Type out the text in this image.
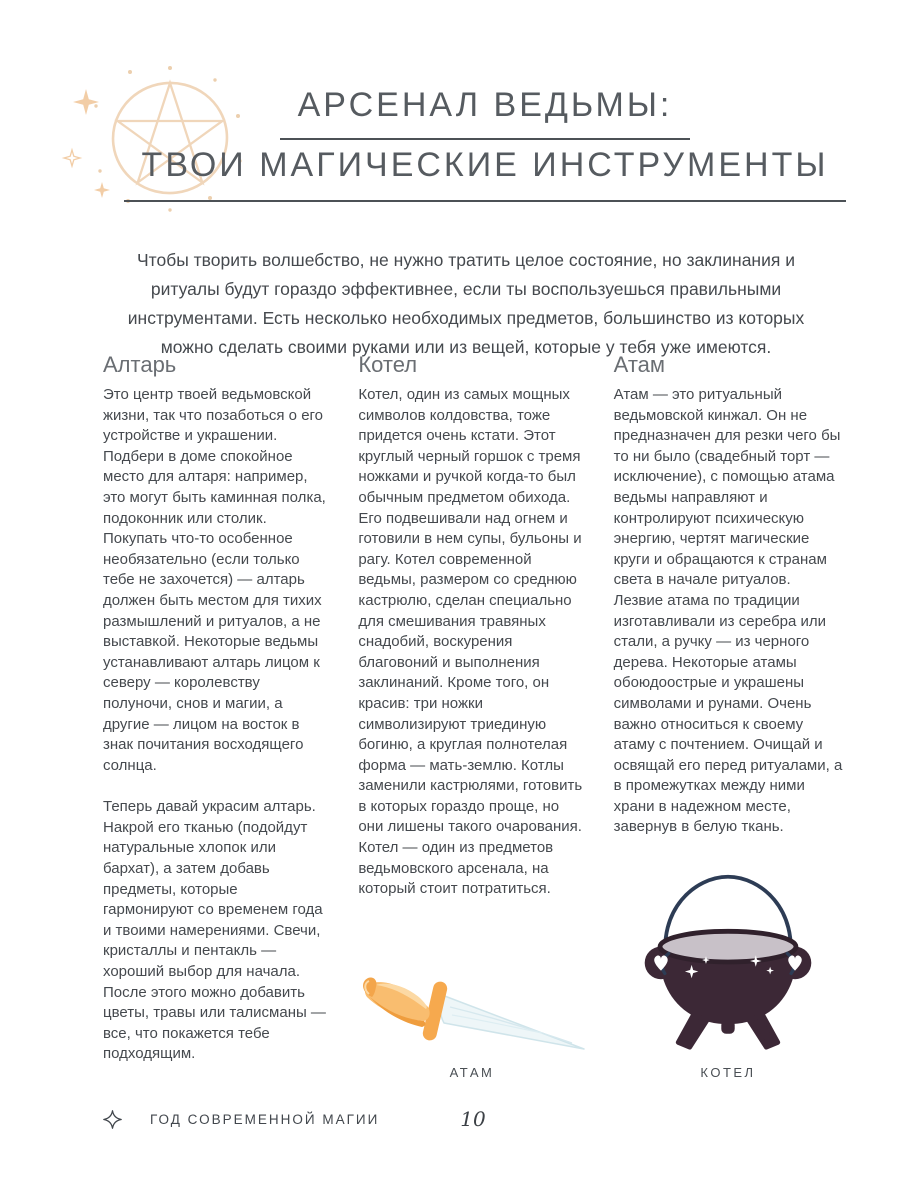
АРСЕНАЛ ВЕДЬМЫ:
ТВОИ МАГИЧЕСКИЕ ИНСТРУМЕНТЫ

Чтобы творить волшебство, не нужно тратить целое состояние, но заклинания и ритуалы будут гораздо эффективнее, если ты воспользуешься правильными инструментами. Есть несколько необходимых предметов, большинство из которых можно сделать своими руками или из вещей, которые у тебя уже имеются.

Алтарь

Это центр твоей ведьмовской жизни, так что позаботься о его устройстве и украшении. Подбери в доме спокойное место для алтаря: например, это могут быть каминная полка, подоконник или столик. Покупать что-то особенное необязательно (если только тебе не захочется) — алтарь должен быть местом для тихих размышлений и ритуалов, а не выставкой. Некоторые ведьмы устанавливают алтарь лицом к северу — королевству полуночи, снов и магии, а другие — лицом на восток в знак почитания восходящего солнца.

Теперь давай украсим алтарь. Накрой его тканью (подойдут натуральные хлопок или бархат), а затем добавь предметы, которые гармонируют со временем года и твоими намерениями. Свечи, кристаллы и пентакль — хороший выбор для начала. После этого можно добавить цветы, травы или талисманы — все, что покажется тебе подходящим.

Котел

Котел, один из самых мощных символов колдовства, тоже придется очень кстати. Этот круглый черный горшок с тремя ножками и ручкой когда-то был обычным предметом обихода. Его подвешивали над огнем и готовили в нем супы, бульоны и рагу. Котел современной ведьмы, размером со среднюю кастрюлю, сделан специально для смешивания травяных снадобий, воскурения благовоний и выполнения заклинаний. Кроме того, он красив: три ножки символизируют триединую богиню, а круглая полнотелая форма — мать-землю. Котлы заменили кастрюлями, готовить в которых гораздо проще, но они лишены такого очарования. Котел — один из предметов ведьмовского арсенала, на который стоит потратиться.

Атам

Атам — это ритуальный ведьмовской кинжал. Он не предназначен для резки чего бы то ни было (свадебный торт — исключение), с помощью атама ведьмы направляют и контролируют психическую энергию, чертят магические круги и обращаются к странам света в начале ритуалов. Лезвие атама по традиции изготавливали из серебра или стали, а ручку — из черного дерева. Некоторые атамы обоюдоострые и украшены символами и рунами. Очень важно относиться к своему атаму с почтением. Очищай и освящай его перед ритуалами, а в промежутках между ними храни в надежном месте, завернув в белую ткань.

АТАМ	КОТЕЛ
ГОД СОВРЕМЕННОЙ МАГИИ	10
